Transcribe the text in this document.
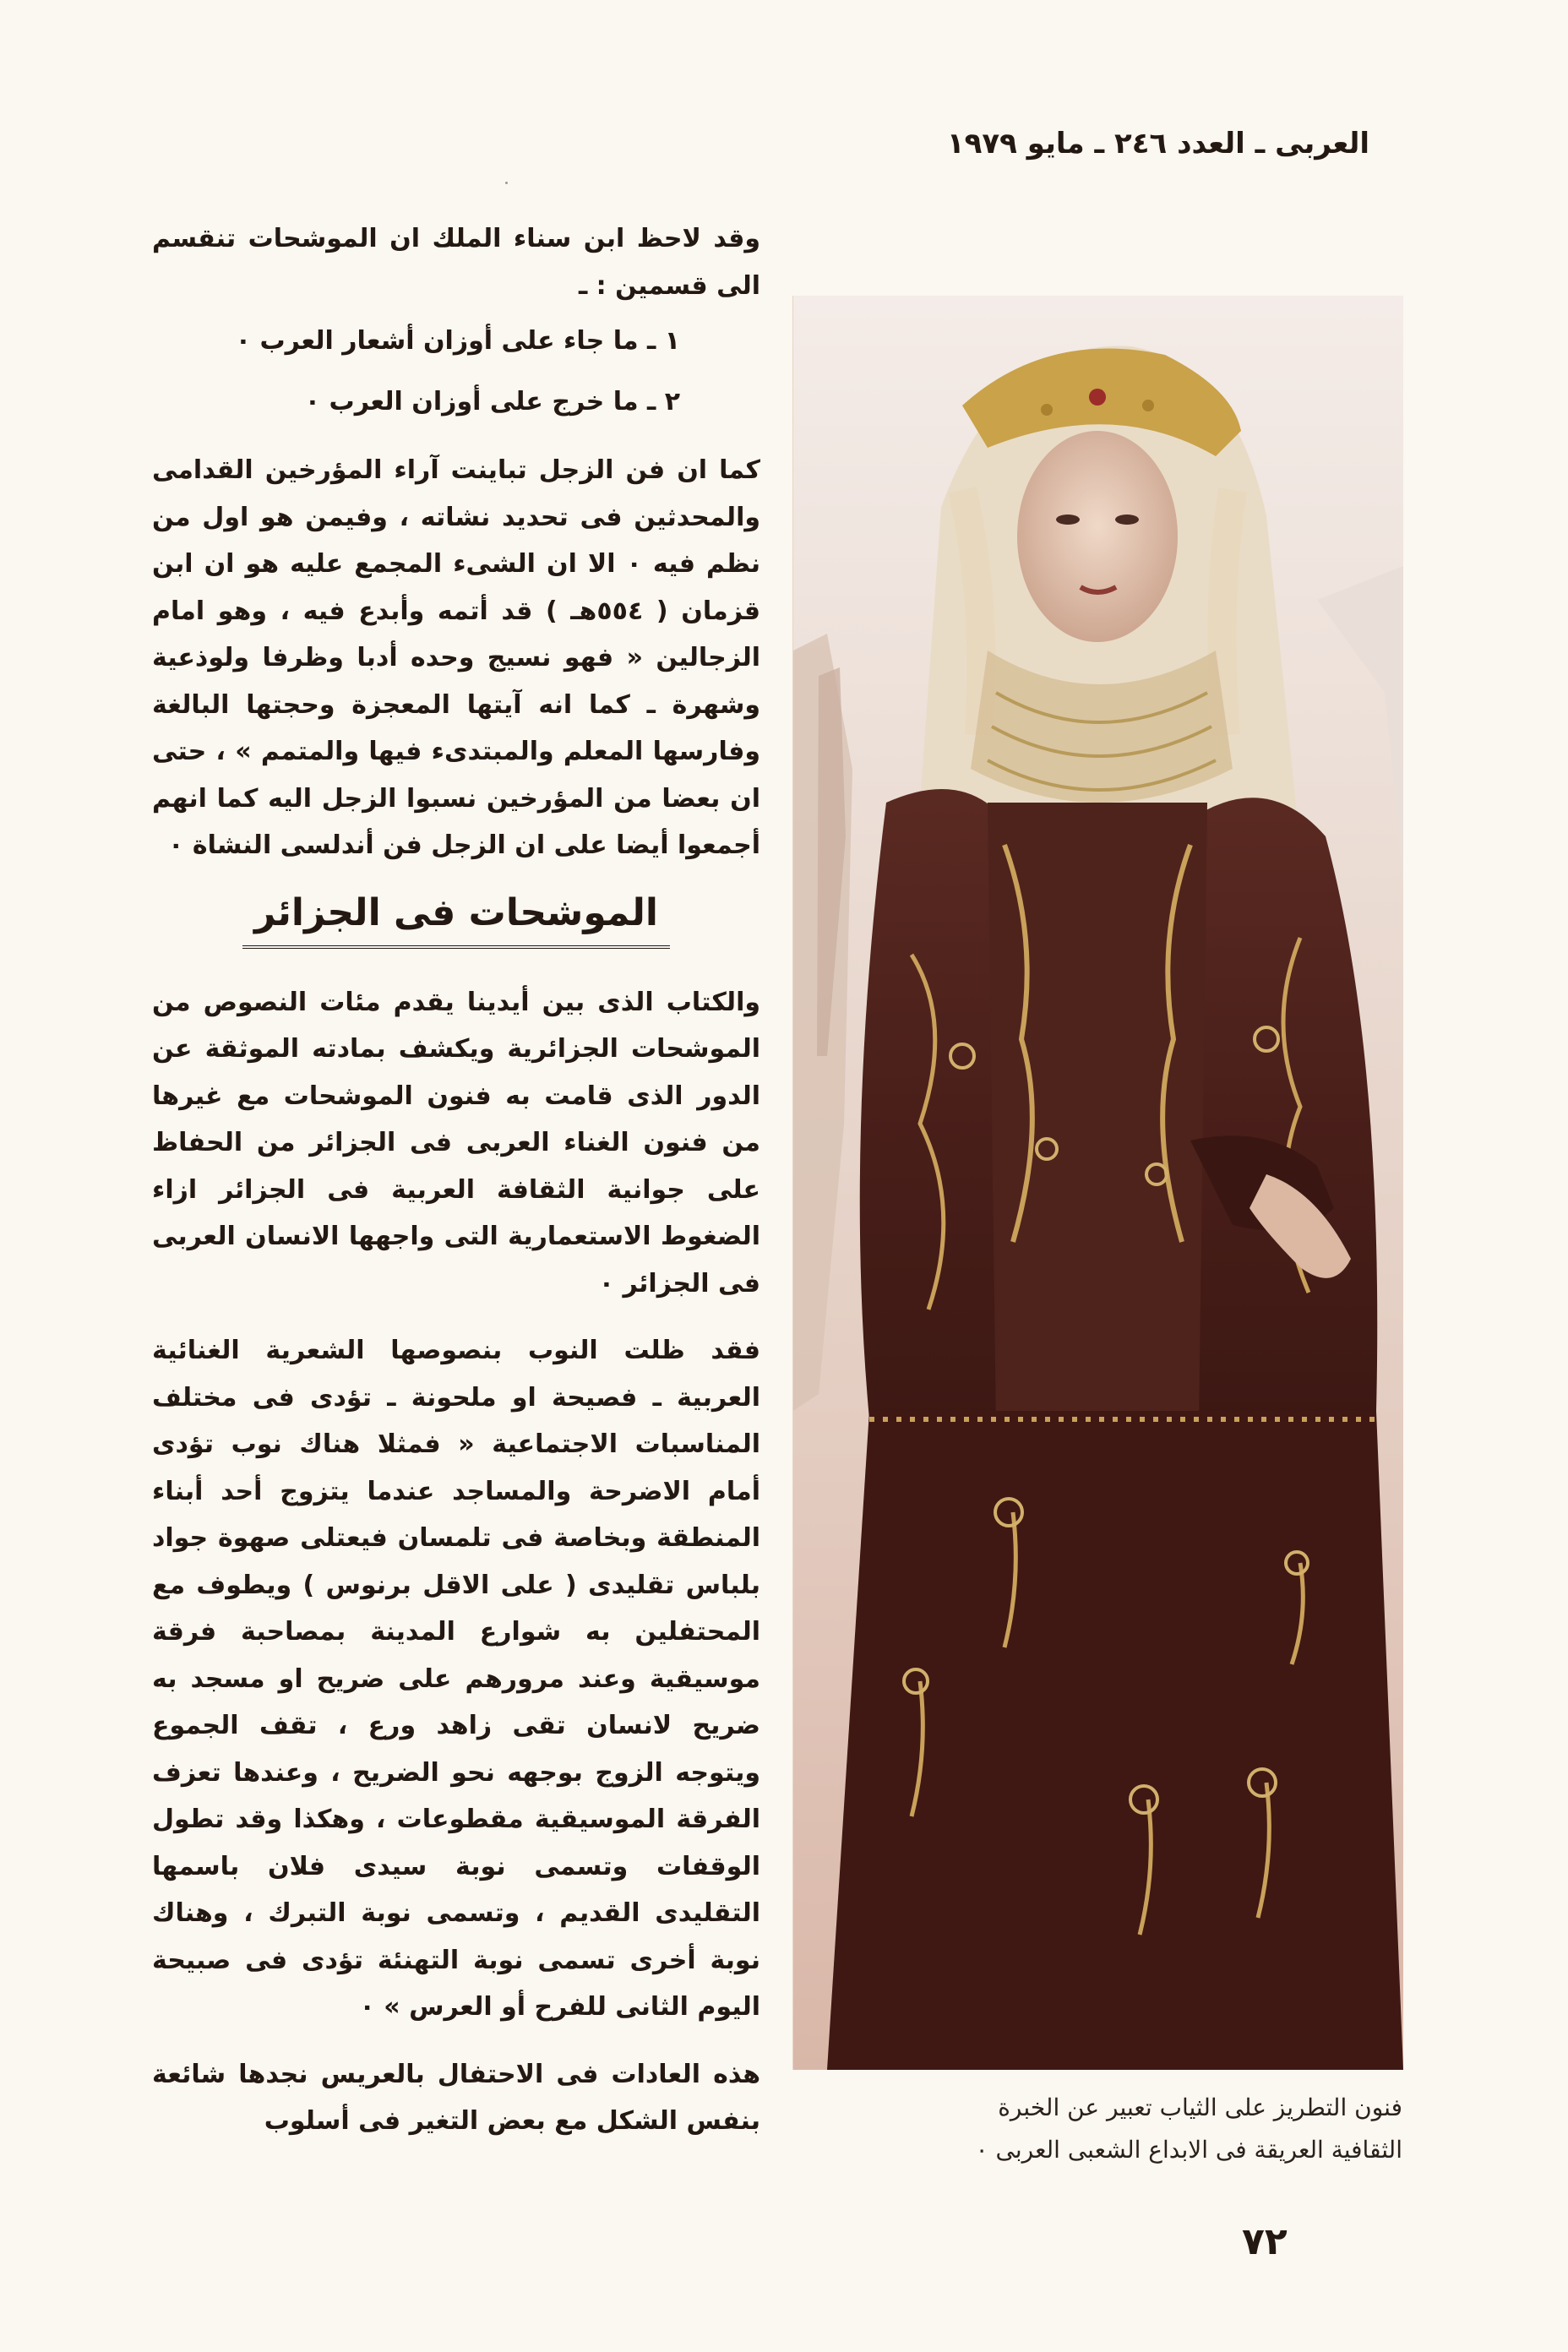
العربى ـ العدد ٢٤٦ ـ مايو ١٩٧٩

وقد لاحظ ابن سناء الملك ان الموشحات تنقسم الى قسمين : ـ

١ ـ ما جاء على أوزان أشعار العرب ٠

٢ ـ ما خرج على أوزان العرب ٠

كما ان فن الزجل تباينت آراء المؤرخين القدامى والمحدثين فى تحديد نشاته ، وفيمن هو اول من نظم فيه ٠ الا ان الشىء المجمع عليه هو ان ابن قزمان ( ٥٥٤هـ ) قد أتمه وأبدع فيه ، وهو امام الزجالين « فهو نسيج وحده أدبا وظرفا ولوذعية وشهرة ـ كما انه آيتها المعجزة وحجتها البالغة وفارسها المعلم والمبتدىء فيها والمتمم » ، حتى ان بعضا من المؤرخين نسبوا الزجل اليه كما انهم أجمعوا أيضا على ان الزجل فن أندلسى النشاة ٠

الموشحات فى الجزائر

والكتاب الذى بين أيدينا يقدم مئات النصوص من الموشحات الجزائرية ويكشف بمادته الموثقة عن الدور الذى قامت به فنون الموشحات مع غيرها من فنون الغناء العربى فى الجزائر من الحفاظ على جوانية الثقافة العربية فى الجزائر ازاء الضغوط الاستعمارية التى واجهها الانسان العربى فى الجزائر ٠

فقد ظلت النوب بنصوصها الشعرية الغنائية العربية ـ فصيحة او ملحونة ـ تؤدى فى مختلف المناسبات الاجتماعية « فمثلا هناك نوب تؤدى أمام الاضرحة والمساجد عندما يتزوج أحد أبناء المنطقة وبخاصة فى تلمسان فيعتلى صهوة جواد بلباس تقليدى ( على الاقل برنوس ) ويطوف مع المحتفلين به شوارع المدينة بمصاحبة فرقة موسيقية وعند مرورهم على ضريح او مسجد به ضريح لانسان تقى زاهد ورع ، تقف الجموع ويتوجه الزوج بوجهه نحو الضريح ، وعندها تعزف الفرقة الموسيقية مقطوعات ، وهكذا وقد تطول الوقفات وتسمى نوبة سيدى فلان باسمها التقليدى القديم ، وتسمى نوبة التبرك ، وهناك نوبة أخرى تسمى نوبة التهنئة تؤدى فى صبيحة اليوم الثانى للفرح أو العرس » ٠

هذه العادات فى الاحتفال بالعريس نجدها شائعة بنفس الشكل مع بعض التغير فى أسلوب	فنون التطريز على الثياب تعبير عن الخبرة
الثقافية العريقة فى الابداع الشعبى العربى ٠
٧٢
